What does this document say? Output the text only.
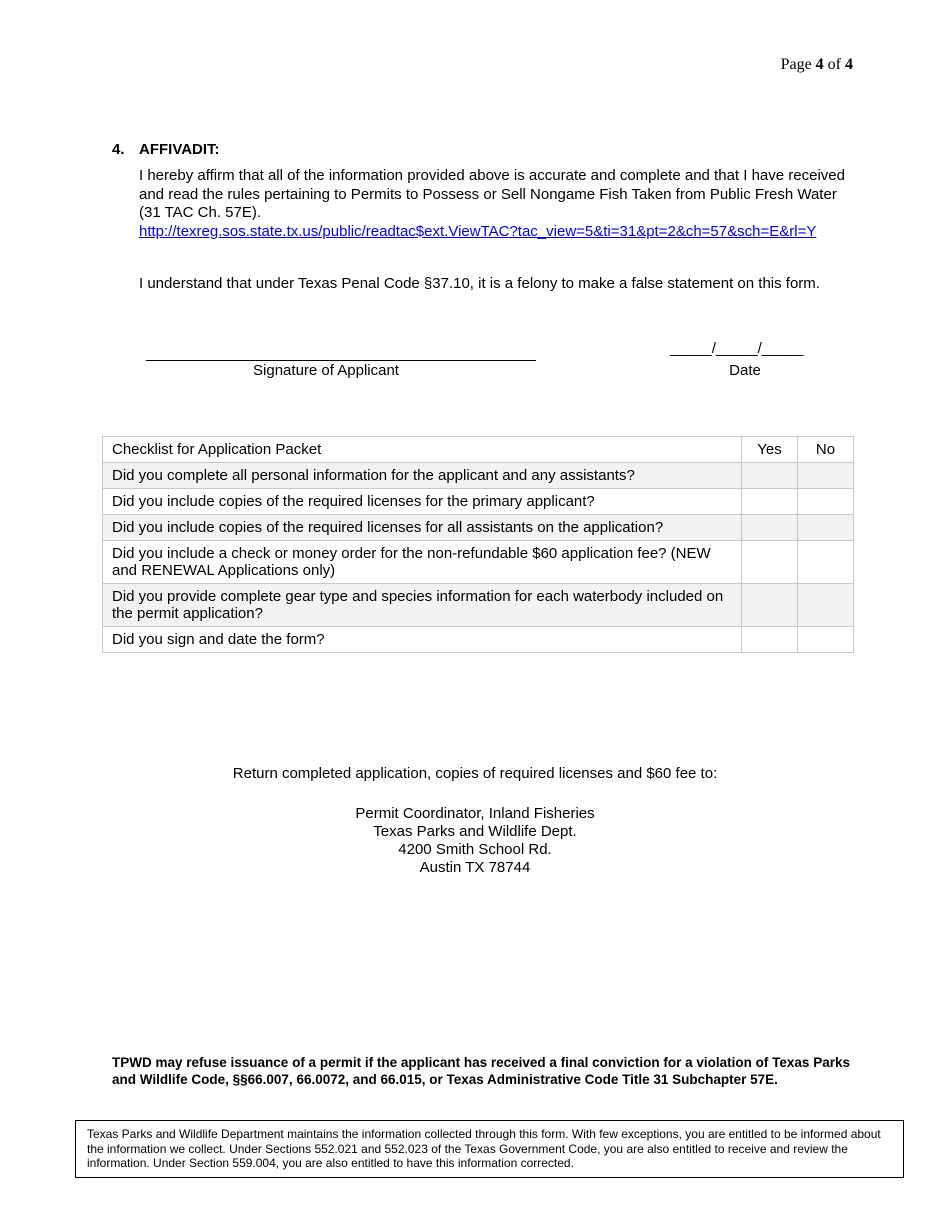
Page 4 of 4
4. AFFIVADIT:
I hereby affirm that all of the information provided above is accurate and complete and that I have received and read the rules pertaining to Permits to Possess or Sell Nongame Fish Taken from Public Fresh Water (31 TAC Ch. 57E).
http://texreg.sos.state.tx.us/public/readtac$ext.ViewTAC?tac_view=5&ti=31&pt=2&ch=57&sch=E&rl=Y
I understand that under Texas Penal Code §37.10, it is a felony to make a false statement on this form.
Signature of Applicant
_____/_____/_____
Date
Checklist for Application Packet	Yes	No
Did you complete all personal information for the applicant and any assistants?		
Did you include copies of the required licenses for the primary applicant?		
Did you include copies of the required licenses for all assistants on the application?		
Did you include a check or money order for the non-refundable $60 application fee? (NEW and RENEWAL Applications only)		
Did you provide complete gear type and species information for each waterbody included on the permit application?		
Did you sign and date the form?		
Return completed application, copies of required licenses and $60 fee to:
Permit Coordinator, Inland Fisheries
Texas Parks and Wildlife Dept.
4200 Smith School Rd.
Austin TX 78744
TPWD may refuse issuance of a permit if the applicant has received a final conviction for a violation of Texas Parks and Wildlife Code, §§66.007, 66.0072, and 66.015, or Texas Administrative Code Title 31 Subchapter 57E.
Texas Parks and Wildlife Department maintains the information collected through this form. With few exceptions, you are entitled to be informed about the information we collect. Under Sections 552.021 and 552.023 of the Texas Government Code, you are also entitled to receive and review the information. Under Section 559.004, you are also entitled to have this information corrected.
